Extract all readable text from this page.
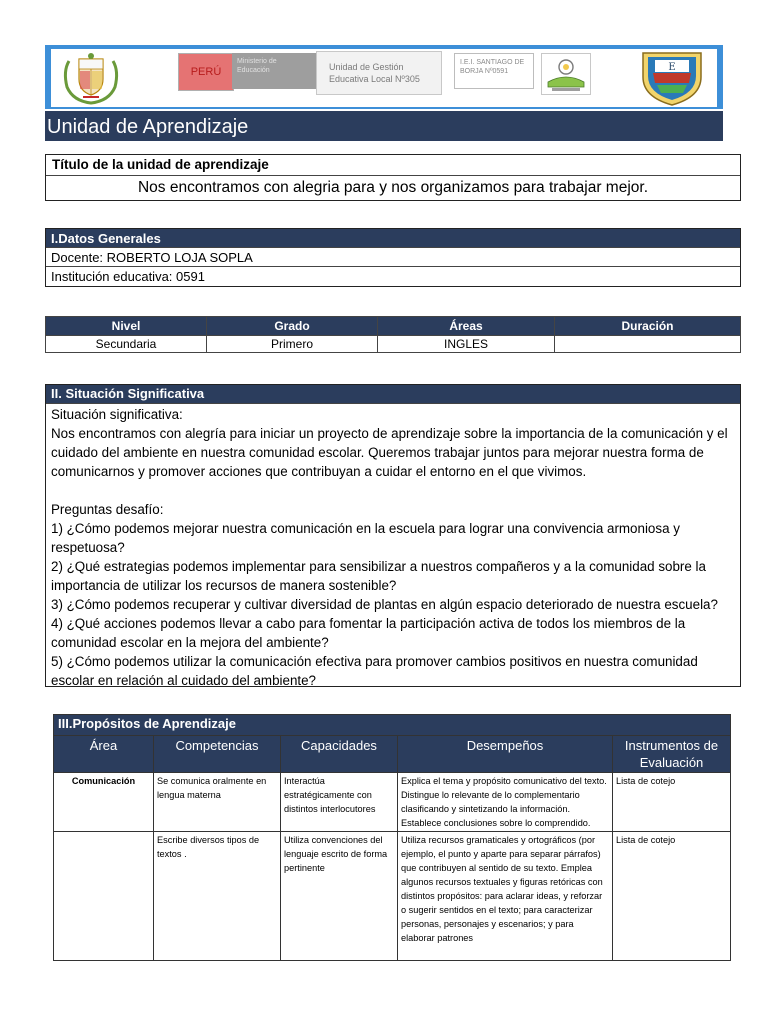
PERÚ
Ministerio de Educación	Unidad de Gestión Educativa Local Nº305
I.E.I. SANTIAGO DE BORJA Nº0591	E
Unidad de Aprendizaje
Título de la unidad de aprendizaje
Nos encontramos con alegria para y nos organizamos para trabajar mejor.
I.Datos Generales
Docente: ROBERTO LOJA SOPLA
Institución educativa: 0591
Nivel	Grado	Áreas	Duración
Secundaria	Primero	INGLES	
II. Situación Significativa

Situación significativa:

Nos encontramos con alegría para iniciar un proyecto de aprendizaje sobre la importancia de la comunicación y el cuidado del ambiente en nuestra comunidad escolar. Queremos trabajar juntos para mejorar nuestra forma de comunicarnos y promover acciones que contribuyan a cuidar el entorno en el que vivimos.

Preguntas desafío:

1) ¿Cómo podemos mejorar nuestra comunicación en la escuela para lograr una convivencia armoniosa y respetuosa?

2) ¿Qué estrategias podemos implementar para sensibilizar a nuestros compañeros y a la comunidad sobre la importancia de utilizar los recursos de manera sostenible?

3) ¿Cómo podemos recuperar y cultivar diversidad de plantas en algún espacio deteriorado de nuestra escuela?

4) ¿Qué acciones podemos llevar a cabo para fomentar la participación activa de todos los miembros de la comunidad escolar en la mejora del ambiente?

5) ¿Cómo podemos utilizar la comunicación efectiva para promover cambios positivos en nuestra comunidad escolar en relación al cuidado del ambiente?

III.Propósitos de Aprendizaje				
Área	Competencias	Capacidades	Desempeños	Instrumentos de Evaluación
Comunicación	Se comunica oralmente en lengua materna	Interactúa estratégicamente con distintos interlocutores	Explica el tema y propósito comunicativo del texto. Distingue lo relevante de lo complementario clasificando y sintetizando la información. Establece conclusiones sobre lo comprendido.	Lista de cotejo
	Escribe diversos tipos de textos .	Utiliza convenciones del lenguaje escrito de forma pertinente	Utiliza recursos gramaticales y ortográficos (por ejemplo, el punto y aparte para separar párrafos) que contribuyen al sentido de su texto. Emplea algunos recursos textuales y figuras retóricas con distintos propósitos: para aclarar ideas, y reforzar o sugerir sentidos en el texto; para caracterizar personas, personajes y escenarios; y para elaborar patrones	Lista de cotejo
